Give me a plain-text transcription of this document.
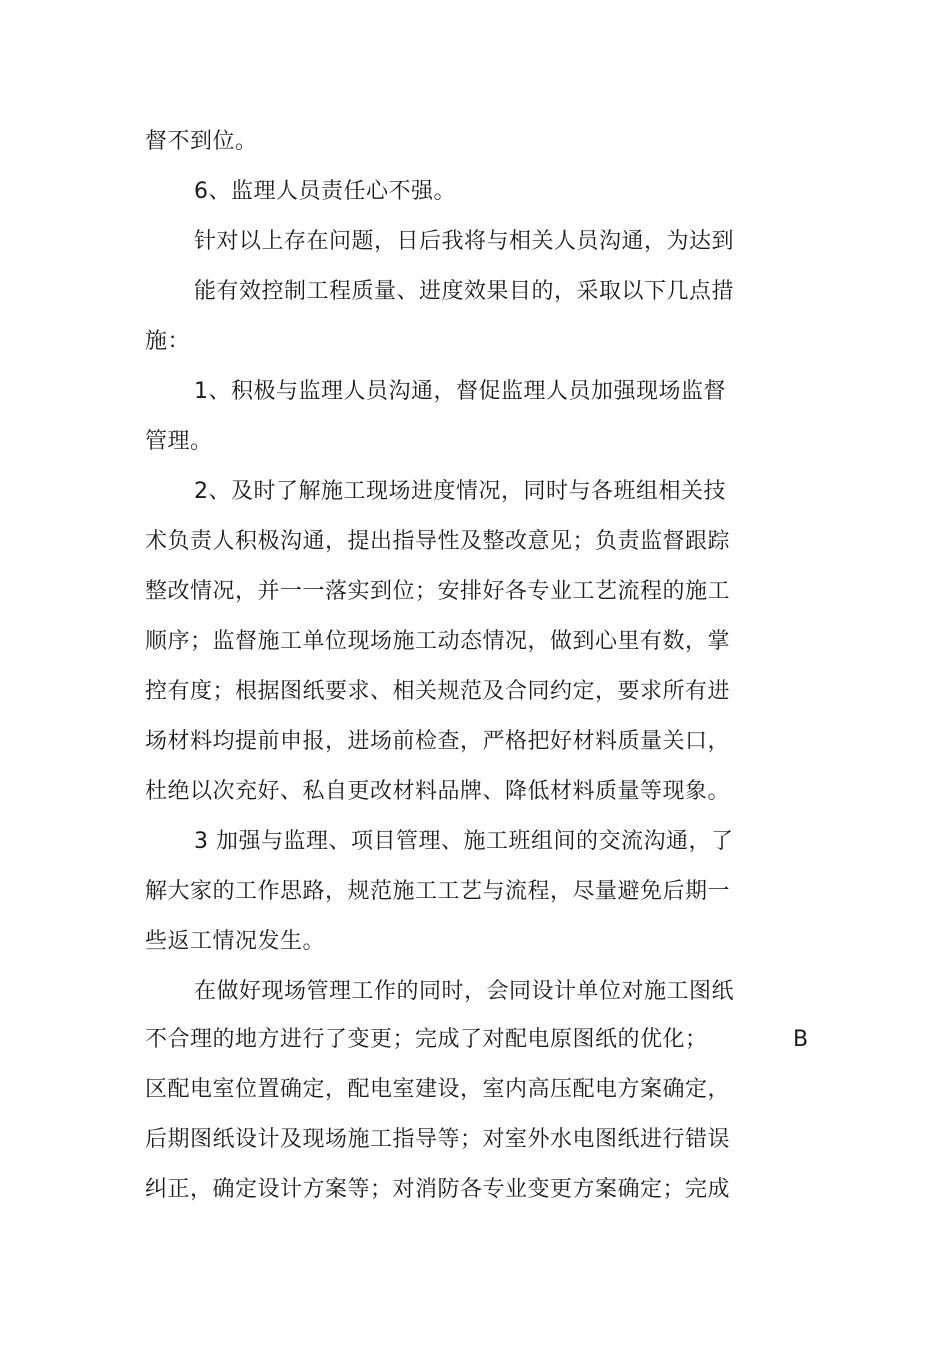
督不到位。
6、监理人员责任心不强。
针对以上存在问题，日后我将与相关人员沟通，为达到
能有效控制工程质量、进度效果目的，采取以下几点措
施：
1、积极与监理人员沟通，督促监理人员加强现场监督
管理。
2、及时了解施工现场进度情况，同时与各班组相关技
术负责人积极沟通，提出指导性及整改意见；负责监督跟踪
整改情况，并一一落实到位；安排好各专业工艺流程的施工
顺序；监督施工单位现场施工动态情况，做到心里有数，掌
控有度；根据图纸要求、相关规范及合同约定，要求所有进
场材料均提前申报，进场前检查，严格把好材料质量关口，
杜绝以次充好、私自更改材料品牌、降低材料质量等现象。
3 加强与监理、项目管理、施工班组间的交流沟通，了
解大家的工作思路，规范施工工艺与流程，尽量避免后期一
些返工情况发生。
在做好现场管理工作的同时，会同设计单位对施工图纸
不合理的地方进行了变更；完成了对配电原图纸的优化；	B
区配电室位置确定，配电室建设，室内高压配电方案确定，
后期图纸设计及现场施工指导等；对室外水电图纸进行错误
纠正，确定设计方案等；对消防各专业变更方案确定；完成
